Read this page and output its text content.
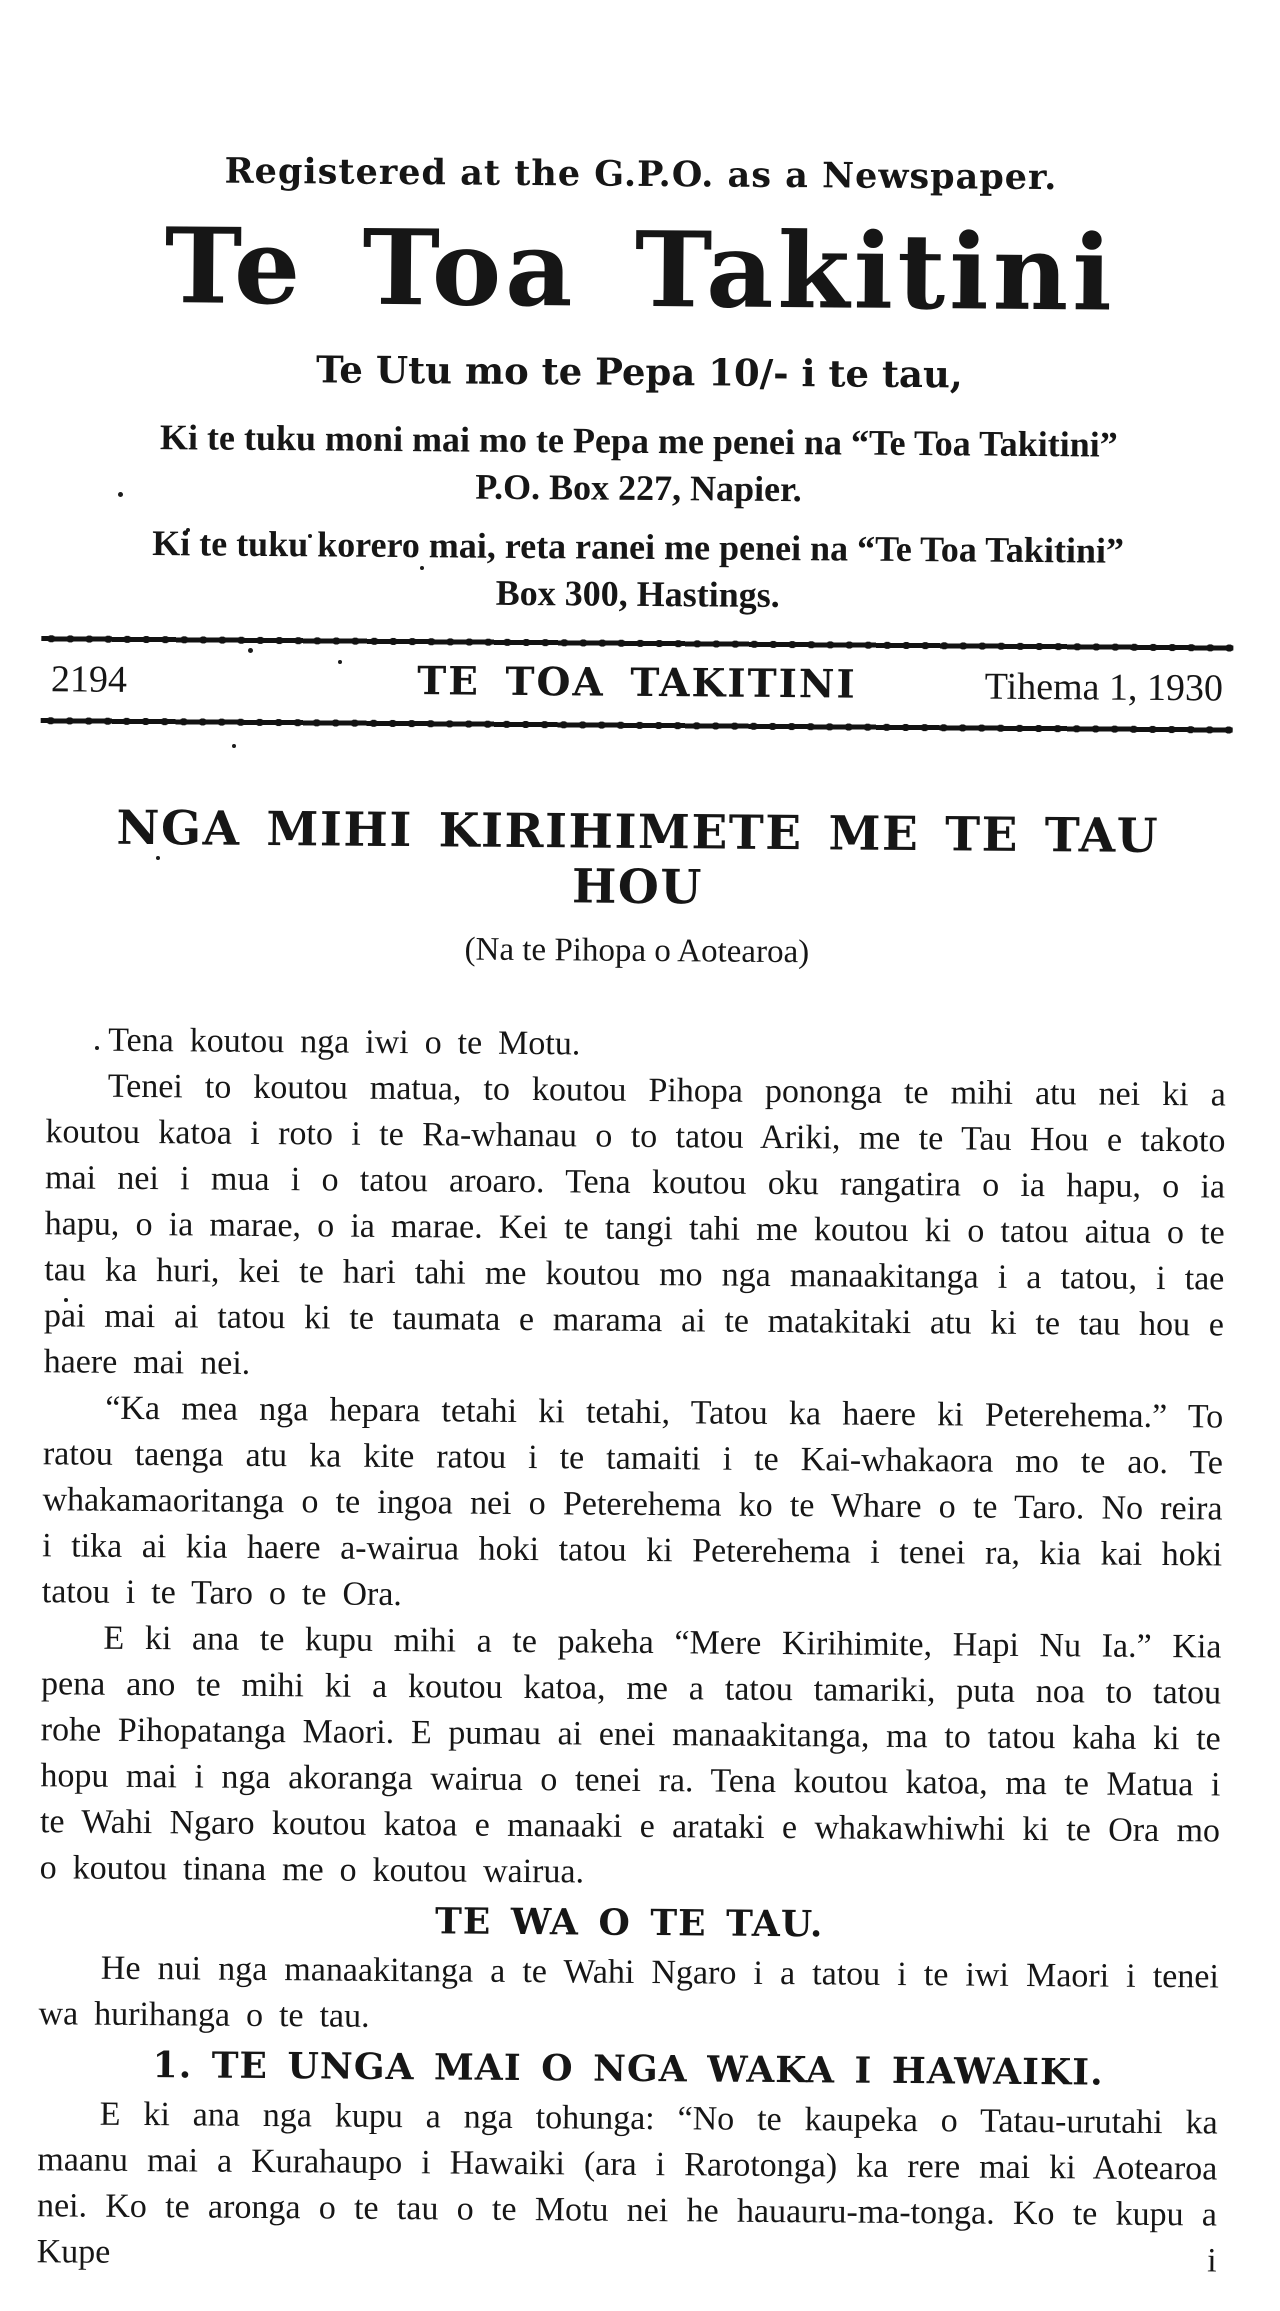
Registered at the G.P.O. as a Newspaper.

Te Toa Takitini

Te Utu mo te Pepa 10/- i te tau,

Ki te tuku moni mai mo te Pepa me penei na “Te Toa Takitini”
P.O. Box 227, Napier.
Ki te tuku korero mai, reta ranei me penei na “Te Toa Takitini”
Box 300, Hastings.
2194	TE TOA TAKITINI	Tihema 1, 1930
NGA MIHI KIRIHIMETE ME TE TAU HOU

(Na te Pihopa o Aotearoa)

Tena koutou nga iwi o te Motu.

Tenei to koutou matua, to koutou Pihopa pononga te mihi atu nei ki a koutou katoa i roto i te Ra-whanau o to tatou Ariki, me te Tau Hou e takoto mai nei i mua i o tatou aroaro. Tena koutou oku rangatira o ia hapu, o ia hapu, o ia marae, o ia marae. Kei te tangi tahi me koutou ki o tatou aitua o te tau ka huri, kei te hari tahi me koutou mo nga manaakitanga i a tatou, i tae pai mai ai tatou ki te taumata e marama ai te matakitaki atu ki te tau hou e haere mai nei.

“Ka mea nga hepara tetahi ki tetahi, Tatou ka haere ki Peterehema.” To ratou taenga atu ka kite ratou i te tamaiti i te Kai-whakaora mo te ao. Te whakamaoritanga o te ingoa nei o Peterehema ko te Whare o te Taro. No reira i tika ai kia haere a-wairua hoki tatou ki Peterehema i tenei ra, kia kai hoki tatou i te Taro o te Ora.

E ki ana te kupu mihi a te pakeha “Mere Kirihimite, Hapi Nu Ia.” Kia pena ano te mihi ki a koutou katoa, me a tatou tamariki, puta noa to tatou rohe Pihopatanga Maori. E pumau ai enei manaakitanga, ma to tatou kaha ki te hopu mai i nga akoranga wairua o tenei ra. Tena koutou katoa, ma te Matua i te Wahi Ngaro koutou katoa e manaaki e arataki e whakawhiwhi ki te Ora mo o koutou tinana me o koutou wairua.

TE WA O TE TAU.

He nui nga manaakitanga a te Wahi Ngaro i a tatou i te iwi Maori i tenei wa hurihanga o te tau.

1. TE UNGA MAI O NGA WAKA I HAWAIKI.

E ki ana nga kupu a nga tohunga: “No te kaupeka o Tatau-urutahi ka maanu mai a Kurahaupo i Hawaiki (ara i Rarotonga) ka rere mai ki Aotearoa nei. Ko te aronga o te tau o te Motu nei he hauauru-ma-tonga. Ko te kupu a Kupe i
